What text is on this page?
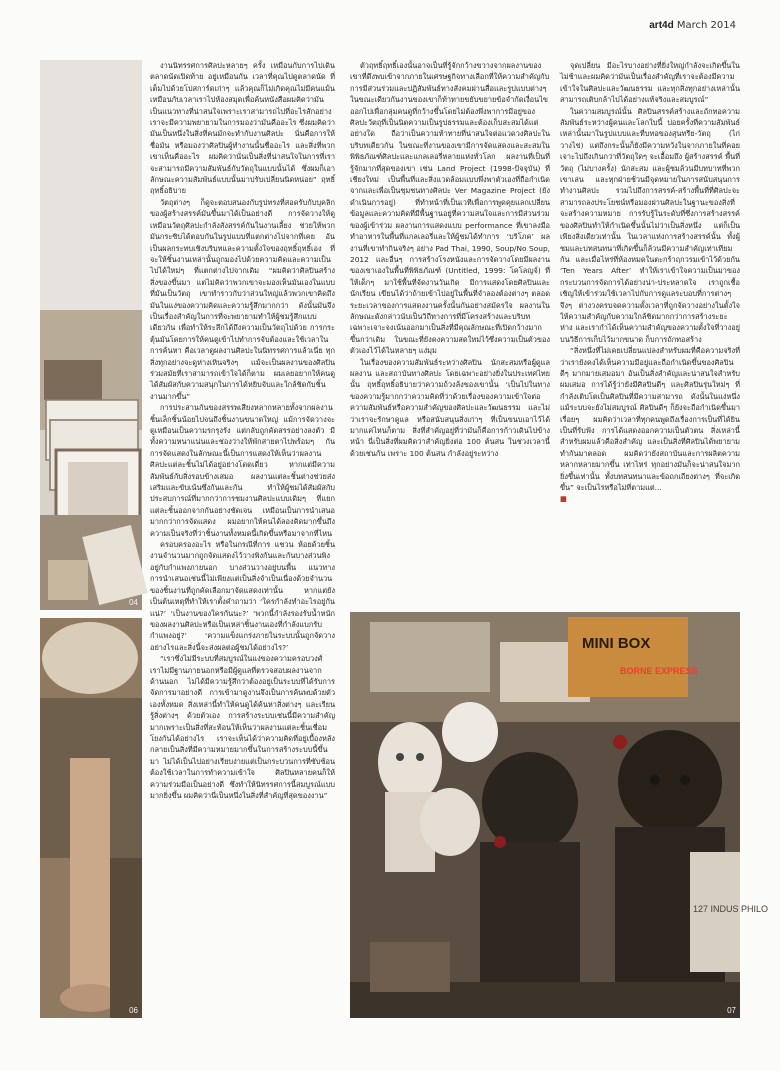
art4d March 2014
04
06

งานนิทรรศการศิลปะหลายๆ ครั้ง เหมือนกับการไปเดินตลาดนัดเปิดท้าย อยู่เหมือนกัน เวลาที่คุณไปดูตลาดนัด ที่เต็มไปด้วยโปสการ์ดเก่าๆ แล้วคุณก็ไม่เกิดคุณไม่มีคนแม้น เหมือนกับเวลาเราไปห้องสมุดเพื่อค้นหนังสือผมคิดว่ามันเป็นแนวทางที่น่าสนใจเพราะเราสามารถไปที่อะไรสักอย่าง เราจะมีความพยายามในการมองว่ามันคืออะไร ซึ่งผมคิดว่ามันเป็นหนึ่งในสิ่งที่คนมักจะทำกับงานศิลปะ นั่นคือการให้ชื่อมัน หรือมองว่าศิลปินผู้ทำงานนั้นชื่ออะไร และสิ่งที่พวกเขาเห็นคืออะไร ผมคิดว่านั่นเป็นสิ่งที่น่าสนใจในการที่เราจะสามารถมีความสัมพันธ์กับวัตถุในแบบนั้นได้ ซึ่งผมก็เอาลักษณะความสัมพันธ์แบบนั้นมาปรับเปลี่ยนนิดหน่อย” ฤทธิ์ฤทธิ์อธิบาย

วัตถุต่างๆ ก็ดูจะตอบสนองกับรูปทรงที่สอดรับกับบุคลิกของผู้สร้างสรรค์มันขึ้นมาได้เป็นอย่างดี การจัดวางให้ดูเหมือนวัตถุศิลปะกำลังสังสรรค์กันในงานเลี้ยง ช่วยให้พวกมันกระซิบได้ตอบกันในรูปแบบที่แตกต่างไปจากที่เคย อันเป็นผลกระทบเชิงบริบทและความตั้งใจของฤทธิ์ฤทธิ์เอง ที่จะให้ชิ้นงานเหล่านั้นถูกมองไปด้วยความคิดและความเป็นไปได้ใหม่ๆ ที่แตกต่างไปจากเดิม “ผมคิดว่าศิลปินสร้างสิ่งของขึ้นมา แต่ไม่คิดว่าพวกเขาจะมองเห็นมันเองในแบบที่มันเป็นวัตถุ เขาทำราวกับว่าส่วนใหญ่แล้วพวกเขาคิดถึงมันในแง่ของความคิดและความรู้สึกมากกว่า ดังนั้นมันจึงเป็นเรื่องสำคัญในการที่จะพยายามทำให้ผู้ชมรู้สึกแบบเดียวกัน เพื่อทำให้ระลึกได้ถึงความเป็นวัตถุไปด้วย การกระตุ้นมันโดยการให้คนดูเข้าไปทำการจับต้องและใช้เวลาในการค้นหา คือเวลาดูผลงานศิลปะในนิทรรศการแล้วเนี่ย ทุกสิ่งทุกอย่างจะดูห่างเหินจริงๆ แม้จะเป็นผลงานของศิลปินร่วมสมัยที่เราสามารถเข้าใจได้ก็ตาม ผมเลยอยากให้คนดูได้สัมผัสกับความสนุกในการได้หยิบจับและใกล้ชิดกับชิ้นงานมากขึ้น”

การประสานกันของสรรพเสียงหลากหลายทั้งจากผลงานชิ้นเล็กชิ้นน้อยไปจนถึงชิ้นงานขนาดใหญ่ แม้การจัดวางจะดูเหมือนเป็นความรกรุงรัง แต่กลับถูกคัดสรรอย่างลงตัว มีทั้งความหนาแน่นและช่องว่างให้พักสายตาไปพร้อมๆ กัน การจัดแสดงในลักษณะนี้เป็นการแสดงให้เห็นว่าผลงานศิลปะแต่ละชิ้นไม่ได้อยู่อย่างโดดเดี่ยว หากแต่มีความสัมพันธ์กับสิ่งรอบข้างเสมอ ผลงานแต่ละชิ้นต่างช่วยส่งเสริมและขับเน้นซึ่งกันและกัน ทำให้ผู้ชมได้สัมผัสกับประสบการณ์ที่มากกว่าการชมงานศิลปะแบบเดิมๆ ที่แยกแต่ละชิ้นออกจากกันอย่างชัดเจน เหมือนเป็นการนำเสนอมากกว่าการจัดแสดง ผมอยากให้คนได้ลองคิดมากขึ้นถึงความเป็นจริงที่ว่าชิ้นงานทั้งหมดนี้เกิดขึ้นหรือมาจากที่ไหน

ครอบครองอะไร หรือในกรณีที่การ แชวน ห้อยด้วยชิ้นงานจำนวนมากถูกจัดแสดงไว้วางพิงกันและกันบางส่วนพิงอยู่กับกำแพงภายนอก บางส่วนวางอยู่บนพื้น แนวทางการนำเสนอเช่นนี้ไม่เพียงแต่เป็นสิ่งจำเป็นเนื่องด้วยจำนวนของชิ้นงานที่ถูกคัดเลือกมาจัดแสดงเท่านั้น หากแต่ยังเป็นต้นเหตุที่ทำให้เราตั้งคำถามว่า ‘ใครกำลังทำอะไรอยู่กันแน่?’ ‘เป็นงานของใครกันนะ?’ ‘พวกนี้กำลังรองรับน้ำหนักของผลงานศิลปะหรือเป็นเหล่าชิ้นงานเองที่กำลังแบกรับกำแพงอยู่?’ ‘ความแข็งแกร่งภายในระบบนั้นถูกจัดวางอย่างไรและสิ่งนี้จะส่งผลต่อผู้ชมได้อย่างไร?’

“เราซึ่งไม่มีระบบที่สมบูรณ์ในแง่ของความครอบวงศ์ เราไม่มีฐานภายนอกหรือมีผู้ดูแลที่ตรวจสอบผลงานจากด้านนอก ไม่ได้มีความรู้สึกว่าต้องอยู่เป็นระบบที่ได้รับการจัดการมาอย่างดี การเข้ามาดูงานจึงเป็นการค้นพบด้วยตัวเองทั้งหมด สิ่งเหล่านี้ทำให้คนดูได้ค้นหาสิ่งต่างๆ และเรียนรู้สิ่งต่างๆ ด้วยตัวเอง การสร้างระบบเช่นนี้มีความสำคัญมากเพราะเป็นสิ่งที่สะท้อนให้เห็นว่าผลงานแต่ละชิ้นเชื่อมโยงกันได้อย่างไร เราจะเห็นได้ว่าความคิดที่อยู่เบื้องหลังกลายเป็นสิ่งที่มีความหมายมากขึ้นในการสร้างระบบนี้ขึ้นมา ไม่ได้เป็นไปอย่างเรียบง่ายแต่เป็นกระบวนการที่ซับซ้อน ต้องใช้เวลาในการทำความเข้าใจ ศิลปินหลายคนก็ให้ความร่วมมือเป็นอย่างดี ซึ่งทำให้นิทรรศการนี้สมบูรณ์แบบมากยิ่งขึ้น ผมคิดว่านี่เป็นหนึ่งในสิ่งที่สำคัญที่สุดของงาน”

ตัวฤทธิ์ฤทธิ์เองนั้นอาจเป็นที่รู้จักกว้างขวางจากผลงานของเขาที่ดึงพบเข้าจากภายในเศรษฐกิจทางเลือกที่ให้ความสำคัญกับการมีส่วนร่วมและปฏิสัมพันธ์ทางสังคมผ่านสื่อและรูปแบบต่างๆ ในขณะเดียวกันงานของเขาก็ท้าทายขยับขยายข้อจำกัดเงื่อนไขออกไปเพื่อกลุ่มคนดูที่กว้างขึ้นโดยไม่ต้องพึ่งพาการมีอยู่ของศิลปะวัตถุที่เป็นนิตความเป็นรูปธรรมและต้องเก็บสะสมได้แต่อย่างใด ถือว่าเป็นความท้าทายที่น่าสนใจต่อแวดวงศิลปะในบริบทเดียวกัน ในขณะที่งานของเขามีการจัดแสดงและสะสมในพิพิธภัณฑ์ศิลปะและแกลเลอรี่หลายแห่งทั่วโลก ผลงานที่เป็นที่รู้จักมากที่สุดของเขา เช่น Land Project (1998-ปัจจุบัน) ที่เชียงใหม่ เป็นพื้นที่และสิ่งแวดล้อมแบบพึ่งพาตัวเองที่ถือกำเนิดจากและเพื่อเป็นชุมชนทางศิลปะ Ver Magazine Project (ยังดำเนินการอยู่) ที่ทำหน้าที่เป็นเวทีเพื่อการพูดคุยแลกเปลี่ยนข้อมูลและความคิดที่มีพื้นฐานอยู่ที่ความสนใจและการมีส่วนร่วมของผู้เข้าร่วม ผลงานการแสดงแบบ performance ที่เขาลงมือทำอาหารในพื้นที่แกลเลอรี่และให้ผู้ชมได้ทำการ ‘บริโภค’ ผลงานที่เขาทำกินจริงๆ อย่าง Pad Thai, 1990, Soup/No Soup, 2012 และอื่นๆ การสร้างโรงหนังและการจัดวางโดยมีผลงานของเขาเองในพื้นที่พิพิธภัณฑ์ (Untitled, 1999: โคโลญจ์) ที่ให้เด็กๆ มาใช้พื้นที่จัดงานวันเกิด มีการแสดงโดยศิลปินและนักเรียน เขียนได้ว่าถ้ายเข้าไปอยู่ในพื้นที่จำลองต้องต่างๆ ตลอดระยะเวลาของการแสดงงานครั้งนั้นกันอย่างสมัครใจ ผลงานในลักษณะดังกล่าวนับเป็นวิถีทางการที่มีโครงสร้างและบริบทเฉพาะเจาะจงเน้นออกมาเป็นสิ่งที่มีคุณลักษณะที่เปิดกว้างมากขึ้นกว่าเดิม ในขณะที่ยังคงความสดใหม่ไว้ซึ่งความเป็นตัวของตัวเองไว้ได้ในหลายๆ แง่มุม

ในเรื่องของความสัมพันธ์ระหว่างศิลปิน นักสะสมหรือผู้ดูแลผลงาน และสถาบันทางศิลปะ โดยเฉพาะอย่างยิ่งในประเทศไทยนั้น ฤทธิ์ฤทธิ์อธิบายว่าความถ้วงล้งของเขานั้น ‘เป็นไปในทางของความรู้มากกว่าความคิดที่ว่าด้วยเรื่องของความเข้าใจต่อความสัมพันธ์หรือความสำคัญของศิลปะและวัฒนธรรม และไม่ว่าเราจะรักษาดูแล หรือสนับสนุนสิ่งเก่าๆ ที่เป็นขนบเอาไว้ได้มากแค่ไหนก็ตาม สิ่งที่สำคัญอยู่ที่ว่ามันก็คือการก้าวเดินไปข้างหน้า นี่เป็นสิ่งที่ผมคิดว่าสำคัญยิ่งต่อ 100 ต้นสน ในช่วงเวลานี้ ด้วยเช่นกัน เพราะ 100 ต้นสน กำลังอยู่ระหว่าง

จุดเปลี่ยน มีอะไรบางอย่างที่ยิ่งใหญ่กำลังจะเกิดขึ้นในไม่ช้าและผมคิดว่ามันเป็นเรื่องสำคัญที่เราจะต้องมีความเข้าใจในศิลปะและวัฒนธรรม และทุกสิ่งทุกอย่างเหล่านั้นสามารถเติบกล้าไปได้อย่างแท้จริงและสมบูรณ์”

ในความสมบูรณ์นั้น ศิลปินสรรค์สร้างและถักทอความสัมพันธ์ระหว่างผู้คนและโลกใบนี้ ปอยครั้งที่ความสัมพันธ์เหล่านั้นมาในรูปแบบและที่บทอของสุนทรีย-วัตถุ (ไก่วางไข่) แต่ถึงกระนั้นก็ยังมีความหวังในจากภายในที่คอยเจาะไปถึงเกินกว่าที่วัตถุใดๆ จะเอื้อมถึง ผู้สร้างสรรค์ พื้นที่ วัตถุ (ไม่บางครั้ง) นักสะสม และผู้ชมล้วนมีบทบาทที่พวกเขาเล่น และทุกฝ่ายช้วนมีจุดหมายในการสนับสนุนการทำงานศิลปะ รวมไปถึงการสรรค์-สร้างพื้นที่ที่ศิลปะจะสามารถลงประโยชน์หรือมองผ่านศิลปะในฐานะของสิ่งที่จะสร้างความหมาย การรับรู้ในระดับที่ซึ่งการสร้างสรรค์ของศิลปินทำให้กำเนิดขึ้นนั้นไม่ว่าเป็นสิ่งหนึ่ง แต่ก็เป็นเพียงสิ่งเดียวเท่านั้น ในเวลาแห่งการสร้างสรรค์นั้น ทั้งผู้ชมและบทสนทนาที่เกิดขึ้นก็ล้วนมีความสำคัญเท่าเทียมกัน และเมื่อไหร่ที่ห้องหมดในตะกร้าฤกวรมเข้าไว้ด้วยกัน ‘Ten Years After’ ทำให้เราเข้าใจความเป็นมาของกระบวนการจัดการได้อย่างน่า-ประหลาดใจ เราถูกเชื้อเชิญให้เข้าร่วมใช้เวลาไปกับการดูแลระบอบที่การต่างๆ จึงๆ ต่างวงครบจดความตั้งเวลาที่ถูกจัดวางอย่างในตั้งใจให้ความสำคัญกับความใกล้ชิดมากกว่าการสร้างระยะห่าง และเรากำได้เห็นความสำคัญของความตั้งใจที่วางอยู่บนวิธีการเก็บไว้มากขนาด ก็บการถักทอสร้าง

“สิ่งหนึ่งที่ไม่เคยเปลี่ยนแปลงสำหรับผมที่คือความจริงที่ว่าเรายังคงได้เห็นความมีอยู่และถือกำเนิดขึ้นของศิลปินดีๆ มากมายเสมอมา อันเป็นสิ่งสำคัญและน่าสนใจสำหรับผมเสมอ การได้รู้ว่ายังมีศิลปินดีๆ และศิลปินรุ่นใหม่ๆ ที่กำลังเติบโตเป็นศิลปินที่มีความสามารถ ดังนั้นในแง่หนึ่ง แม้ระบบจะยังไม่สมบูรณ์ ศิลปินดีๆ ก็ยังจะถือกำเนิดขึ้นมาเรื่อยๆ ผมคิดว่าเวลาที่ทุกคนพูดถึงเรื่องการเป็นที่ได้ยิน เป็นที่รับฟัง การได้แสดงออกความเป็นตัวตน สิ่งเหล่านี้ สำหรับผมแล้วคือสิ่งสำคัญ และเป็นสิ่งที่ศิลปินได้พยายามทำกันมาตลอด ผมคิดว่ายังสถาบันและการผลิตความหลากหลายมากขึ้น เท่าไหร่ ทุกอย่างมันก็จะน่าสนใจมากยิ่งขึ้นเท่านั้น ทั้งบทสนทนาและข้อถกเถียงต่างๆ ที่จะเกิดขึ้น” จะเป็นไรหรือไม่ที่ตามแต่...

■
MINI BOX
BORNE EXPRESS
127 INDUS PHILO
07
